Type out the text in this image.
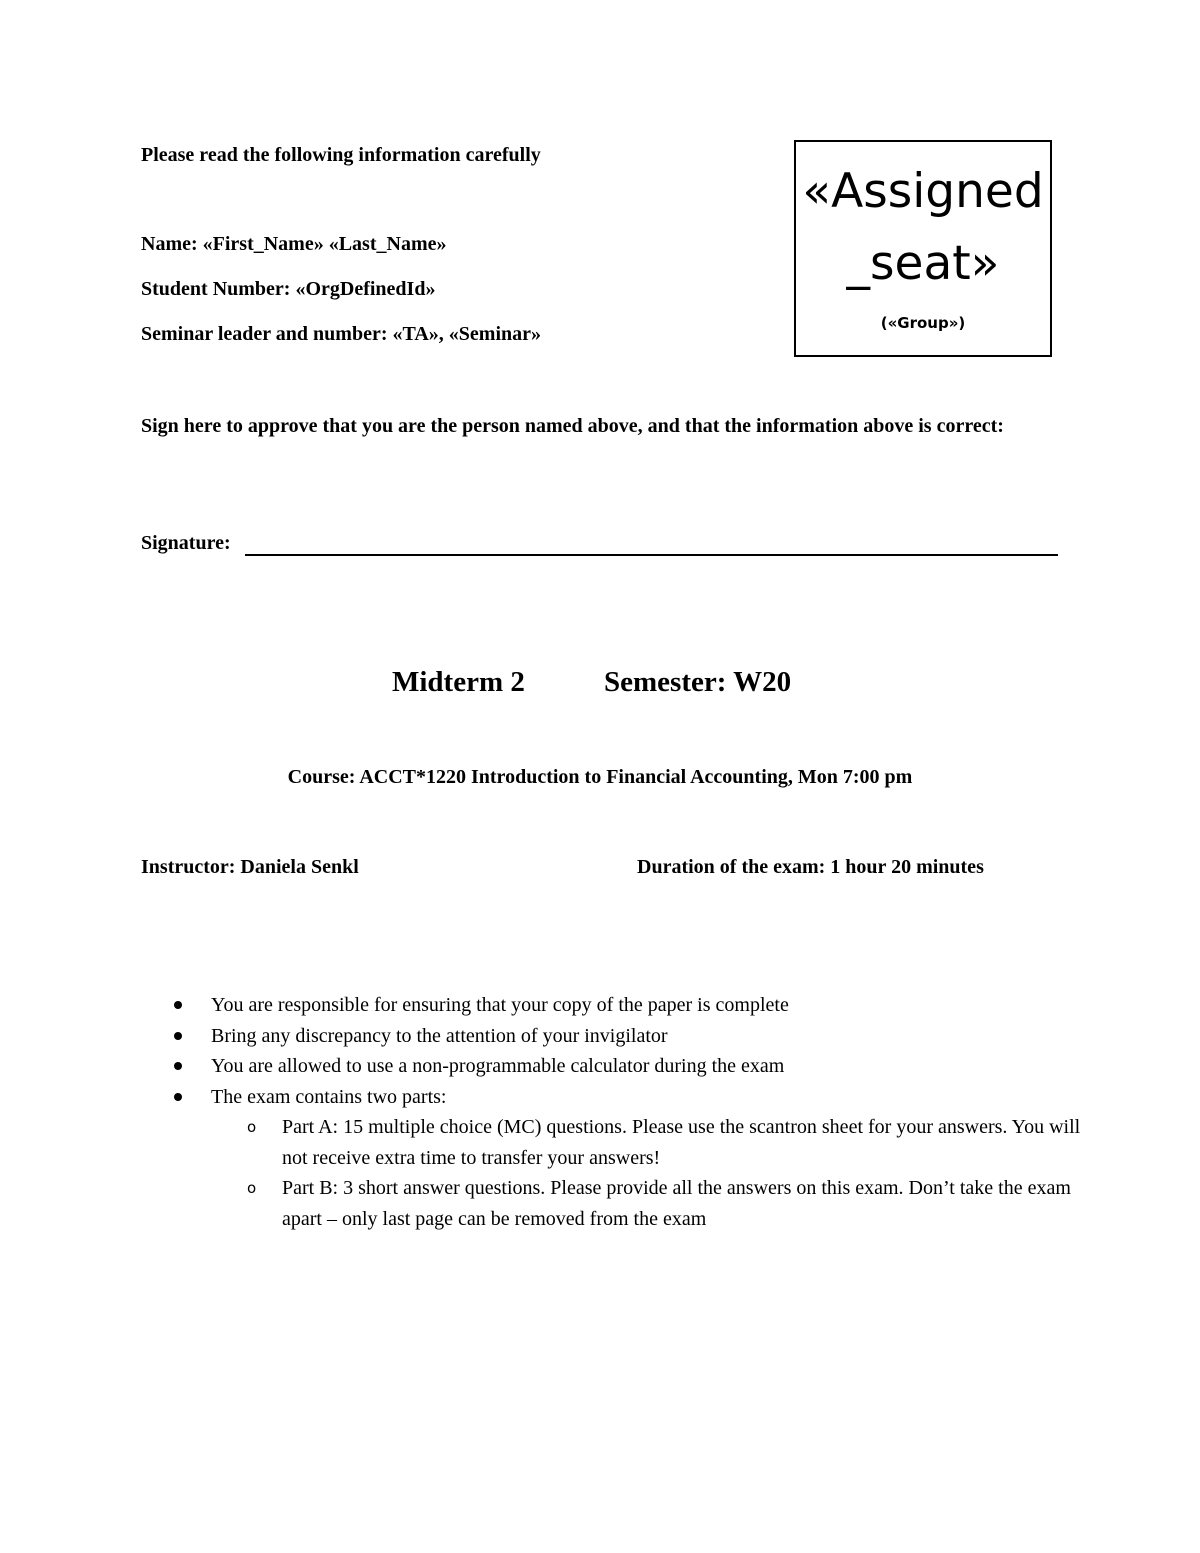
Please read the following information carefully
Name: «First_Name» «Last_Name»
Student Number: «OrgDefinedId»
Seminar leader and number: «TA», «Seminar»
«Assigned _seat»
(«Group»)
Sign here to approve that you are the person named above, and that the information above is correct:
Signature:
Midterm 2	Semester: W20
Course: ACCT*1220 Introduction to Financial Accounting, Mon 7:00 pm
Instructor: Daniela Senkl	Duration of the exam: 1 hour 20 minutes
You are responsible for ensuring that your copy of the paper is complete
Bring any discrepancy to the attention of your invigilator
You are allowed to use a non-programmable calculator during the exam
The exam contains two parts:
o Part A: 15 multiple choice (MC) questions. Please use the scantron sheet for your answers. You will not receive extra time to transfer your answers!
o Part B: 3 short answer questions. Please provide all the answers on this exam. Don’t take the exam apart – only last page can be removed from the exam
